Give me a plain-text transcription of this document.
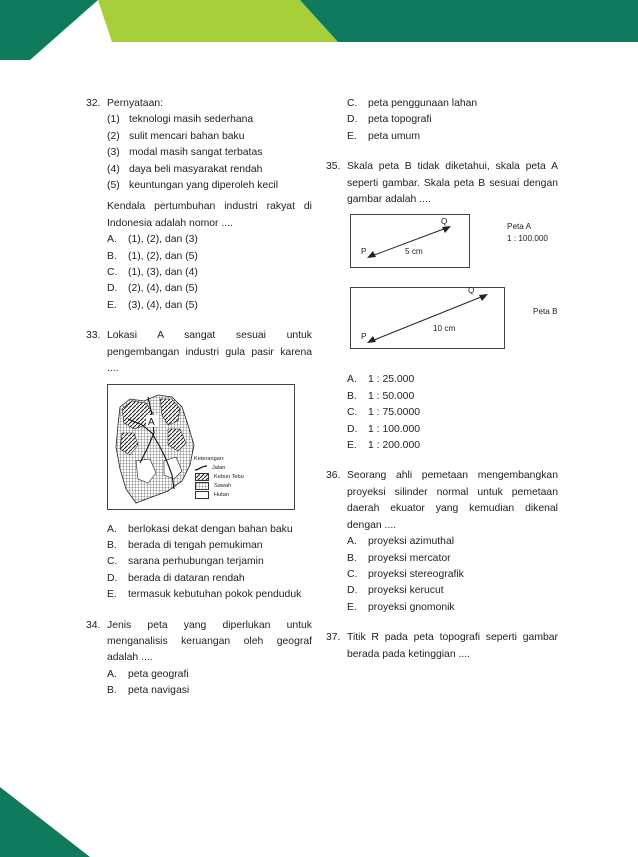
32. Pernyataan:
(1) teknologi masih sederhana
(2) sulit mencari bahan baku
(3) modal masih sangat terbatas
(4) daya beli masyarakat rendah
(5) keuntungan yang diperoleh kecil
Kendala pertumbuhan industri rakyat di Indonesia adalah nomor ....
A.	(1), (2), dan (3)
B.	(1), (2), dan (5)
C.	(1), (3), dan (4)
D.	(2), (4), dan (5)
E.	(3), (4), dan (5)
33. Lokasi A sangat sesuai untuk pengembangan industri gula pasir karena ....
A
Keterangan:
Jalan
Kebun Tebu
Sawah
Hutan
A.	berlokasi dekat dengan bahan baku
B.	berada di tengah pemukiman
C.	sarana perhubungan terjamin
D.	berada di dataran rendah
E.	termasuk kebutuhan pokok penduduk
34. Jenis peta yang diperlukan untuk menganalisis keruangan oleh geograf adalah ....
A.	peta geografi
B.	peta navigasi
C.	peta penggunaan lahan
D.	peta topografi
E.	peta umum
35. Skala peta B tidak diketahui, skala peta A seperti gambar. Skala peta B sesuai dengan gambar adalah ....
P
Q
5 cm
Peta A
1 : 100.000
P
Q
10 cm
Peta B
A.	1 : 25.000
B.	1 : 50.000
C.	1 : 75.0000
D.	1 : 100.000
E.	1 : 200.000
36. Seorang ahli pemetaan mengembangkan proyeksi silinder normal untuk pemetaan daerah ekuator yang kemudian dikenal dengan ....
A.	proyeksi azimuthal
B.	proyeksi mercator
C.	proyeksi stereografik
D.	proyeksi kerucut
E.	proyeksi gnomonik
37. Titik R pada peta topografi seperti gambar berada pada ketinggian ....
